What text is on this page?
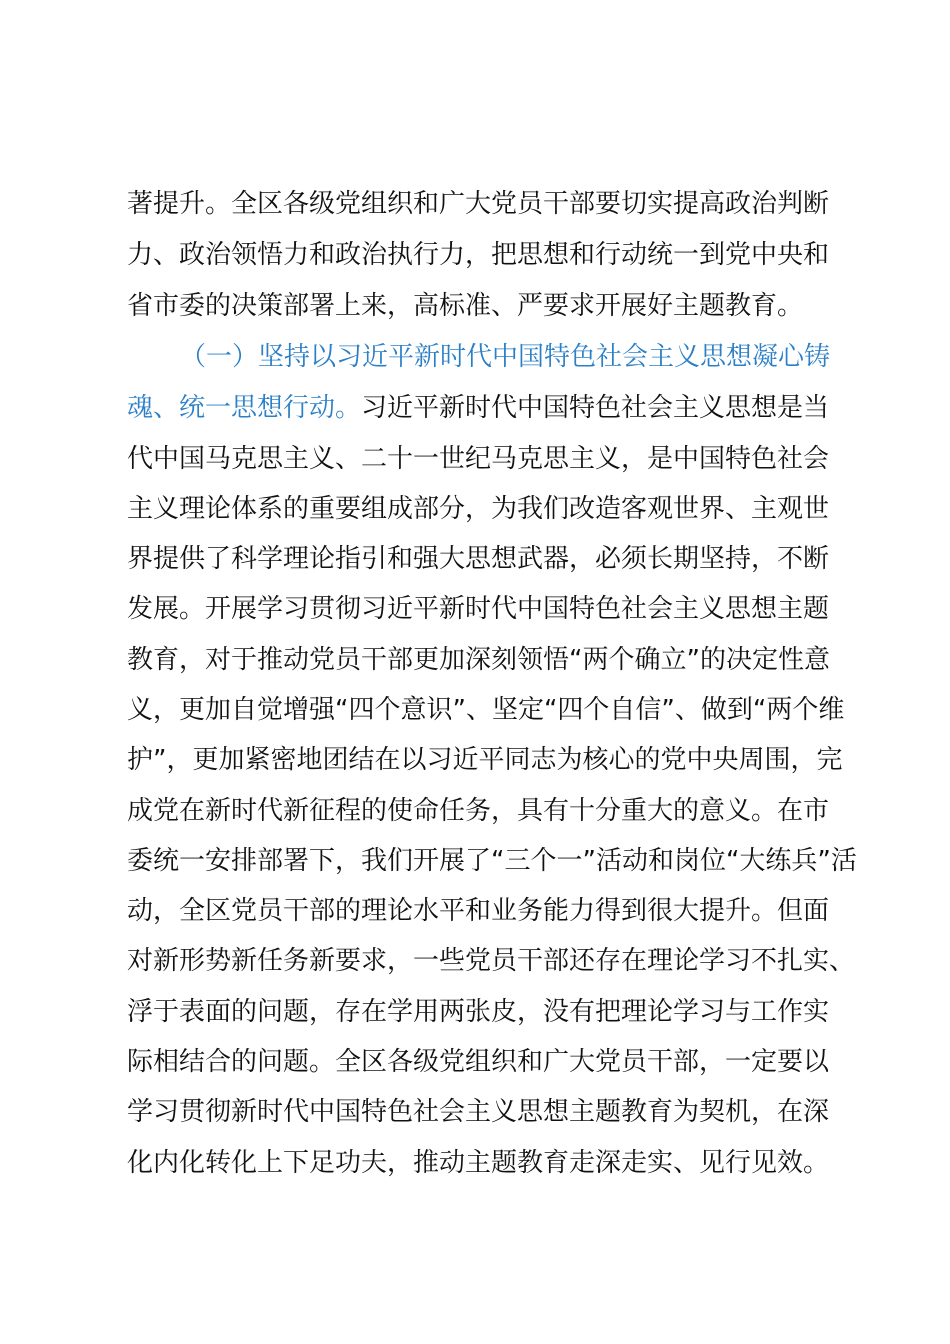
著提升。全区各级党组织和广大党员干部要切实提高政治判断
力、政治领悟力和政治执行力，把思想和行动统一到党中央和
省市委的决策部署上来，高标准、严要求开展好主题教育。
（一）坚持以习近平新时代中国特色社会主义思想凝心铸
魂、统一思想行动。习近平新时代中国特色社会主义思想是当
代中国马克思主义、二十一世纪马克思主义，是中国特色社会
主义理论体系的重要组成部分，为我们改造客观世界、主观世
界提供了科学理论指引和强大思想武器，必须长期坚持，不断
发展。开展学习贯彻习近平新时代中国特色社会主义思想主题
教育，对于推动党员干部更加深刻领悟“两个确立”的决定性意
义，更加自觉增强“四个意识”、坚定“四个自信”、做到“两个维
护”，更加紧密地团结在以习近平同志为核心的党中央周围，完
成党在新时代新征程的使命任务，具有十分重大的意义。在市
委统一安排部署下，我们开展了“三个一”活动和岗位“大练兵”活
动，全区党员干部的理论水平和业务能力得到很大提升。但面
对新形势新任务新要求，一些党员干部还存在理论学习不扎实、
浮于表面的问题，存在学用两张皮，没有把理论学习与工作实
际相结合的问题。全区各级党组织和广大党员干部，一定要以
学习贯彻新时代中国特色社会主义思想主题教育为契机，在深
化内化转化上下足功夫，推动主题教育走深走实、见行见效。
